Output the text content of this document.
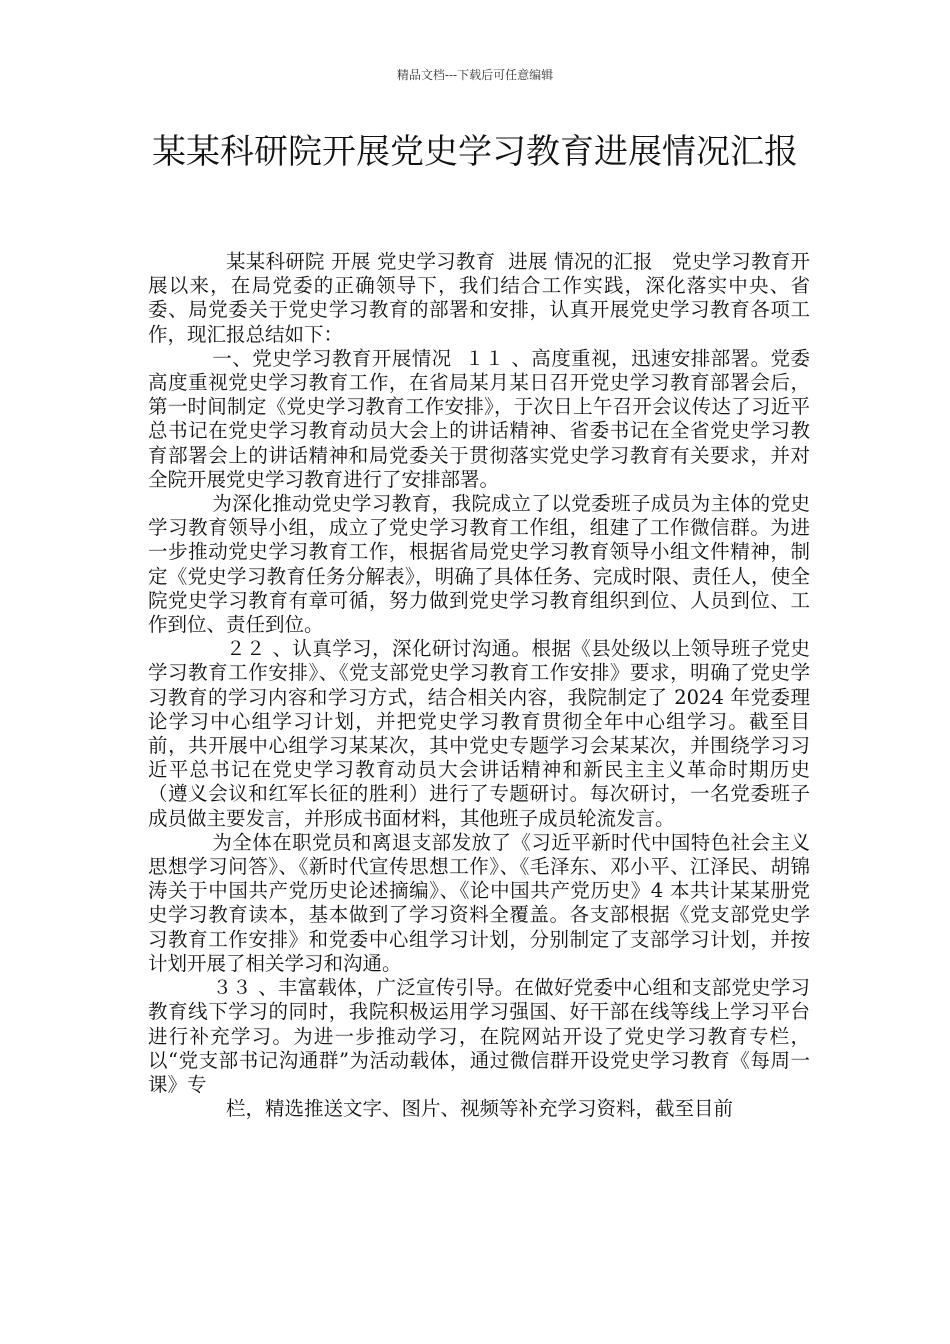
精品文档---下载后可任意编辑
某某科研院开展党史学习教育进展情况汇报

某某科研院 开展 党史学习教育  进展 情况的汇报   党史学习教育开展以来，在局党委的正确领导下，我们结合工作实践，深化落实中央、省委、局党委关于党史学习教育的部署和安排，认真开展党史学习教育各项工作，现汇报总结如下：

一、党史学习教育开展情况  １１ 、高度重视，迅速安排部署。党委高度重视党史学习教育工作，在省局某月某日召开党史学习教育部署会后，第一时间制定《党史学习教育工作安排》，于次日上午召开会议传达了习近平总书记在党史学习教育动员大会上的讲话精神、省委书记在全省党史学习教育部署会上的讲话精神和局党委关于贯彻落实党史学习教育有关要求，并对全院开展党史学习教育进行了安排部署。

为深化推动党史学习教育，我院成立了以党委班子成员为主体的党史学习教育领导小组，成立了党史学习教育工作组，组建了工作微信群。为进一步推动党史学习教育工作，根据省局党史学习教育领导小组文件精神，制定《党史学习教育任务分解表》，明确了具体任务、完成时限、责任人，使全院党史学习教育有章可循，努力做到党史学习教育组织到位、人员到位、工作到位、责任到位。

２２ 、认真学习，深化研讨沟通。根据《县处级以上领导班子党史学习教育工作安排》、《党支部党史学习教育工作安排》要求，明确了党史学习教育的学习内容和学习方式，结合相关内容，我院制定了 2024 年党委理论学习中心组学习计划，并把党史学习教育贯彻全年中心组学习。截至目前，共开展中心组学习某某次，其中党史专题学习会某某次，并围绕学习习近平总书记在党史学习教育动员大会讲话精神和新民主主义革命时期历史（遵义会议和红军长征的胜利）进行了专题研讨。每次研讨，一名党委班子成员做主要发言，并形成书面材料，其他班子成员轮流发言。

为全体在职党员和离退支部发放了《习近平新时代中国特色社会主义思想学习问答》、《新时代宣传思想工作》、《毛泽东、邓小平、江泽民、胡锦涛关于中国共产党历史论述摘编》、《论中国共产党历史》4 本共计某某册党史学习教育读本，基本做到了学习资料全覆盖。各支部根据《党支部党史学习教育工作安排》和党委中心组学习计划，分别制定了支部学习计划，并按计划开展了相关学习和沟通。

３３ 、丰富载体，广泛宣传引导。在做好党委中心组和支部党史学习教育线下学习的同时，我院积极运用学习强国、好干部在线等线上学习平台进行补充学习。为进一步推动学习，在院网站开设了党史学习教育专栏，以“党支部书记沟通群”为活动载体，通过微信群开设党史学习教育《每周一课》专

栏，精选推送文字、图片、视频等补充学习资料，截至目前
